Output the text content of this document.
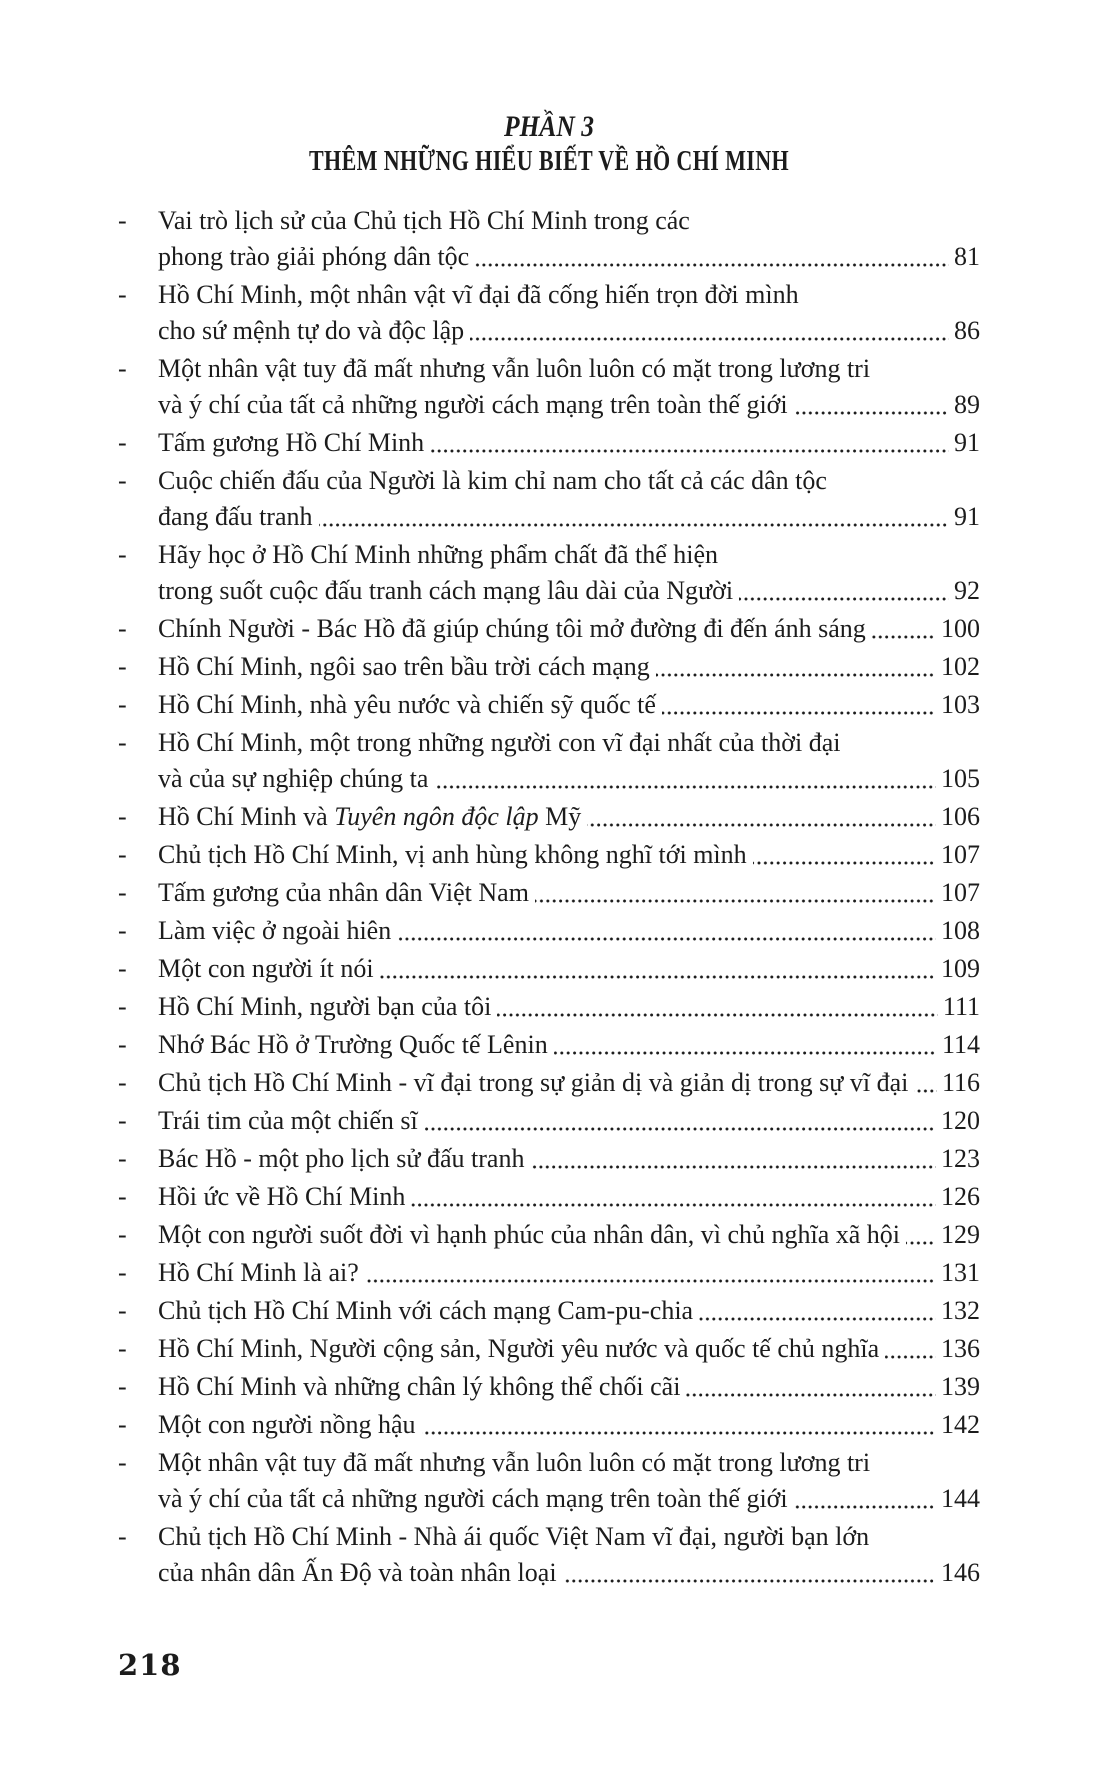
PHẦN 3
THÊM NHỮNG HIỂU BIẾT VỀ HỒ CHÍ MINH
-	Vai trò lịch sử của Chủ tịch Hồ Chí Minh trong các
phong trào giải phóng dân tộc	81
-	Hồ Chí Minh, một nhân vật vĩ đại đã cống hiến trọn đời mình
cho sứ mệnh tự do và độc lập	86
-	Một nhân vật tuy đã mất nhưng vẫn luôn luôn có mặt trong lương tri
và ý chí của tất cả những người cách mạng trên toàn thế giới	89
-	Tấm gương Hồ Chí Minh	91
-	Cuộc chiến đấu của Người là kim chỉ nam cho tất cả các dân tộc
đang đấu tranh	91
-	Hãy học ở Hồ Chí Minh những phẩm chất đã thể hiện
trong suốt cuộc đấu tranh cách mạng lâu dài của Người	92
-	Chính Người - Bác Hồ đã giúp chúng tôi mở đường đi đến ánh sáng	100
-	Hồ Chí Minh, ngôi sao trên bầu trời cách mạng	102
-	Hồ Chí Minh, nhà yêu nước và chiến sỹ quốc tế	103
-	Hồ Chí Minh, một trong những người con vĩ đại nhất của thời đại
và của sự nghiệp chúng ta	105
-	Hồ Chí Minh và Tuyên ngôn độc lập Mỹ	106
-	Chủ tịch Hồ Chí Minh, vị anh hùng không nghĩ tới mình	107
-	Tấm gương của nhân dân Việt Nam	107
-	Làm việc ở ngoài hiên	108
-	Một con người ít nói	109
-	Hồ Chí Minh, người bạn của tôi	111
-	Nhớ Bác Hồ ở Trường Quốc tế Lênin	114
-	Chủ tịch Hồ Chí Minh - vĩ đại trong sự giản dị và giản dị trong sự vĩ đại 116
-	Trái tim của một chiến sĩ	120
-	Bác Hồ - một pho lịch sử đấu tranh	123
-	Hồi ức về Hồ Chí Minh	126
-	Một con người suốt đời vì hạnh phúc của nhân dân, vì chủ nghĩa xã hội 129
-	Hồ Chí Minh là ai?	131
-	Chủ tịch Hồ Chí Minh với cách mạng Cam-pu-chia	132
-	Hồ Chí Minh, Người cộng sản, Người yêu nước và quốc tế chủ nghĩa 136
-	Hồ Chí Minh và những chân lý không thể chối cãi	139
-	Một con người nồng hậu	142
-	Một nhân vật tuy đã mất nhưng vẫn luôn luôn có mặt trong lương tri
và ý chí của tất cả những người cách mạng trên toàn thế giới	144
-	Chủ tịch Hồ Chí Minh - Nhà ái quốc Việt Nam vĩ đại, người bạn lớn
của nhân dân Ấn Độ và toàn nhân loại	146
218
